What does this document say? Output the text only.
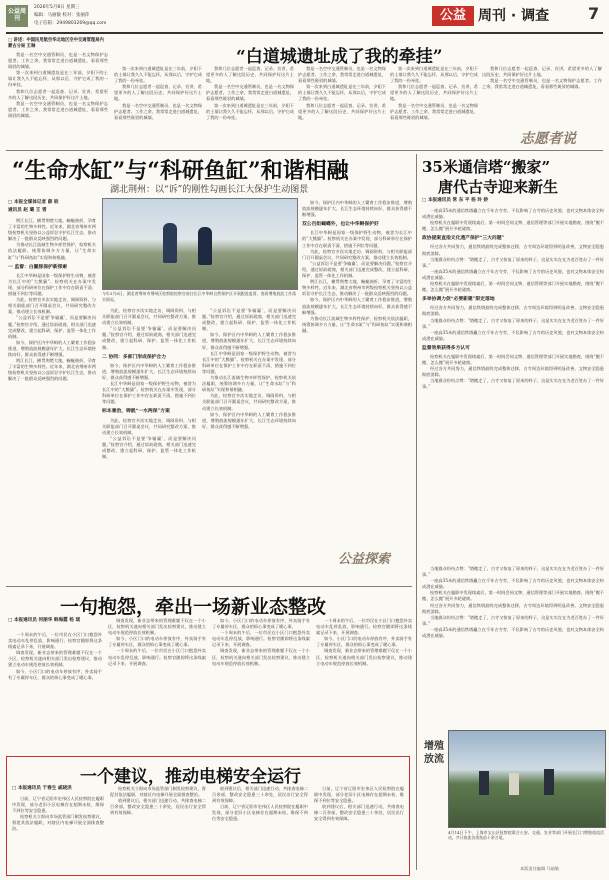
公益周刊
2026年5月8日 星期三
编辑：马丽敏 校对：张丽萍
电子信箱：2949803269@qq.com
公益 周刊 · 调查 7
□ 讲述：中国民用航空华北地区空中交通管理局内蒙古分局 王琳
“白道城遗址成了我的牵挂”

我是一名空中交通管制员，也是一名文物保护志愿者。工作之余，我常常走进白道城遗址，看看那些斑驳的城墙。

第一次来到白道城遗址是在三年前，夕阳下的土墙让我久久不能忘怀，从那以后，守护它成了我的一份牵挂。

我和几位志愿者一起巡查、记录、宣讲，希望更多的人了解这段历史，共同保护好这片土地。

我是一名空中交通管制员，也是一名文物保护志愿者。工作之余，我常常走进白道城遗址，看看那些斑驳的城墙。

第一次来到白道城遗址是在三年前，夕阳下的土墙让我久久不能忘怀，从那以后，守护它成了我的一份牵挂。

我和几位志愿者一起巡查、记录、宣讲，希望更多的人了解这段历史，共同保护好这片土地。

我是一名空中交通管制员，也是一名文物保护志愿者。工作之余，我常常走进白道城遗址，看看那些斑驳的城墙。

我和几位志愿者一起巡查、记录、宣讲，希望更多的人了解这段历史，共同保护好这片土地。

我是一名空中交通管制员，也是一名文物保护志愿者。工作之余，我常常走进白道城遗址，看看那些斑驳的城墙。

第一次来到白道城遗址是在三年前，夕阳下的土墙让我久久不能忘怀，从那以后，守护它成了我的一份牵挂。

我是一名空中交通管制员，也是一名文物保护志愿者。工作之余，我常常走进白道城遗址，看看那些斑驳的城墙。

第一次来到白道城遗址是在三年前，夕阳下的土墙让我久久不能忘怀，从那以后，守护它成了我的一份牵挂。

我和几位志愿者一起巡查、记录、宣讲，希望更多的人了解这段历史，共同保护好这片土地。

第一次来到白道城遗址是在三年前，夕阳下的土墙让我久久不能忘怀，从那以后，守护它成了我的一份牵挂。

我和几位志愿者一起巡查、记录、宣讲，希望更多的人了解这段历史，共同保护好这片土地。

我是一名空中交通管制员，也是一名文物保护志愿者。工作之余，我常常走进白道城遗址，看看那些斑驳的城墙。

我和几位志愿者一起巡查、记录、宣讲，希望更多的人了解这段历史，共同保护好这片土地。

我是一名空中交通管制员，也是一名文物保护志愿者。工作之余，我常常走进白道城遗址，看看那些斑驳的城墙。

志愿者说
“生命水缸”与“科研鱼缸”和谐相融
湖北荆州：以“诉”的刚性勾画长江大保护生动图景
□ 本报全媒体记者 薛 皎
通讯员 赵 璐 王 雪

荆江长江，横贯荆楚大地，蜿蜒曲折，孕育了丰富的生物多样性。近年来，湖北省荆州市两级检察机关坚持以公益诉讼守护长江生态，推动解决了一批群众反映强烈的问题。

为推动长江流域生物多样性保护，检察机关依法履职，统筹协调多方力量，让“生命水缸”与“科研鱼缸”实现和谐相融。

一 监督：白鱀豚保护新探索

长江中华鲟是国家一级保护野生动物，被誉为长江中的“大熊猫”。检察机关在办案中发现，部分科研单位在保护工作中存在职责不清、措施不到位等问题。

为此，检察官多次实地走访，调阅资料，与相关职能部门召开圆桌会议，共同研究整改方案，推动建立长效机制。

“公益诉讼不是要‘争输赢’，而是要解决问题。”检察官介绍，通过诉前磋商，相关部门迅速完成整改，建立起科研、保护、监管一体化工作机制。

如今，保护区内中华鲟的人工繁育工作稳步推进，增殖放流规模逐年扩大，长江生态环境持续向好，群众获得感不断增强。

荆江长江，横贯荆楚大地，蜿蜒曲折，孕育了丰富的生物多样性。近年来，湖北省荆州市两级检察机关坚持以公益诉讼守护长江生态，推动解决了一批群众反映强烈的问题。

今年3月6日，湖北省荆州市荆州区检察院检察官前往长江中华鲟自然保护区开展跟进监督，查看增殖放流工作落实情况。

为此，检察官多次实地走访，调阅资料，与相关职能部门召开圆桌会议，共同研究整改方案，推动建立长效机制。

“公益诉讼不是要‘争输赢’，而是要解决问题。”检察官介绍，通过诉前磋商，相关部门迅速完成整改，建立起科研、保护、监管一体化工作机制。

二 协同：多部门形成保护合力

如今，保护区内中华鲟的人工繁育工作稳步推进，增殖放流规模逐年扩大，长江生态环境持续向好，群众获得感不断增强。

长江中华鲟是国家一级保护野生动物，被誉为长江中的“大熊猫”。检察机关在办案中发现，部分科研单位在保护工作中存在职责不清、措施不到位等问题。

标本兼治，铸就“一水两保”方案

为此，检察官多次实地走访，调阅资料，与相关职能部门召开圆桌会议，共同研究整改方案，推动建立长效机制。

“公益诉讼不是要‘争输赢’，而是要解决问题。”检察官介绍，通过诉前磋商，相关部门迅速完成整改，建立起科研、保护、监管一体化工作机制。

“公益诉讼不是要‘争输赢’，而是要解决问题。”检察官介绍，通过诉前磋商，相关部门迅速完成整改，建立起科研、保护、监管一体化工作机制。

如今，保护区内中华鲟的人工繁育工作稳步推进，增殖放流规模逐年扩大，长江生态环境持续向好，群众获得感不断增强。

长江中华鲟是国家一级保护野生动物，被誉为长江中的“大熊猫”。检察机关在办案中发现，部分科研单位在保护工作中存在职责不清、措施不到位等问题。

为推动长江流域生物多样性保护，检察机关依法履职，统筹协调多方力量，让“生命水缸”与“科研鱼缸”实现和谐相融。

为此，检察官多次实地走访，调阅资料，与相关职能部门召开圆桌会议，共同研究整改方案，推动建立长效机制。

如今，保护区内中华鲟的人工繁育工作稳步推进，增殖放流规模逐年扩大，长江生态环境持续向好，群众获得感不断增强。

如今，保护区内中华鲟的人工繁育工作稳步推进，增殖放流规模逐年扩大，长江生态环境持续向好，群众获得感不断增强。

双公百炬蝴蝶外，也让中华鲟保护好

长江中华鲟是国家一级保护野生动物，被誉为长江中的“大熊猫”。检察机关在办案中发现，部分科研单位在保护工作中存在职责不清、措施不到位等问题。

为此，检察官多次实地走访，调阅资料，与相关职能部门召开圆桌会议，共同研究整改方案，推动建立长效机制。

“公益诉讼不是要‘争输赢’，而是要解决问题。”检察官介绍，通过诉前磋商，相关部门迅速完成整改，建立起科研、保护、监管一体化工作机制。

荆江长江，横贯荆楚大地，蜿蜒曲折，孕育了丰富的生物多样性。近年来，湖北省荆州市两级检察机关坚持以公益诉讼守护长江生态，推动解决了一批群众反映强烈的问题。

如今，保护区内中华鲟的人工繁育工作稳步推进，增殖放流规模逐年扩大，长江生态环境持续向好，群众获得感不断增强。

为推动长江流域生物多样性保护，检察机关依法履职，统筹协调多方力量，让“生命水缸”与“科研鱼缸”实现和谐相融。

公益探索
35米通信塔“搬家”
唐代古寺迎来新生
□ 本报通讯员 常 东 平 杨 玲 娇

一座高35米的通信铁塔矗立在千年古寺旁，不仅影响了古寺的历史风貌，也对文物本体安全构成潜在威胁。

检察机关在履职中发现线索后，第一时间会同文物、通信管理等部门开展实地勘查，围绕“搬不搬、怎么搬”展开多轮磋商。

政协提案直指文化遗产保护“三大问题”

经过各方共同努力，通信铁塔最终完成整体迁移，古寺周边环境得到明显改善，文物安全隐患彻底消除。

当地群众纷纷点赞：“塔搬走了，古寺又恢复了原来的样子，这是实实在在为老百姓办了一件好事。”

一座高35米的通信铁塔矗立在千年古寺旁，不仅影响了古寺的历史风貌，也对文物本体安全构成潜在威胁。

检察机关在履职中发现线索后，第一时间会同文物、通信管理等部门开展实地勘查，围绕“搬不搬、怎么搬”展开多轮磋商。

多举协调力促“必要新建”限定落地

经过各方共同努力，通信铁塔最终完成整体迁移，古寺周边环境得到明显改善，文物安全隐患彻底消除。

当地群众纷纷点赞：“塔搬走了，古寺又恢复了原来的样子，这是实实在在为老百姓办了一件好事。”

一座高35米的通信铁塔矗立在千年古寺旁，不仅影响了古寺的历史风貌，也对文物本体安全构成潜在威胁。

监督效果获得多方认可

检察机关在履职中发现线索后，第一时间会同文物、通信管理等部门开展实地勘查，围绕“搬不搬、怎么搬”展开多轮磋商。

经过各方共同努力，通信铁塔最终完成整体迁移，古寺周边环境得到明显改善，文物安全隐患彻底消除。

当地群众纷纷点赞：“塔搬走了，古寺又恢复了原来的样子，这是实实在在为老百姓办了一件好事。”

当地群众纷纷点赞：“塔搬走了，古寺又恢复了原来的样子，这是实实在在为老百姓办了一件好事。”

一座高35米的通信铁塔矗立在千年古寺旁，不仅影响了古寺的历史风貌，也对文物本体安全构成潜在威胁。

检察机关在履职中发现线索后，第一时间会同文物、通信管理等部门开展实地勘查，围绕“搬不搬、怎么搬”展开多轮磋商。

经过各方共同努力，通信铁塔最终完成整体迁移，古寺周边环境得到明显改善，文物安全隐患彻底消除。

当地群众纷纷点赞：“塔搬走了，古寺又恢复了原来的样子，这是实实在在为老百姓办了一件好事。”

一座高35米的通信铁塔矗立在千年古寺旁，不仅影响了古寺的历史风貌，也对文物本体安全构成潜在威胁。

增殖放流
4月14日下午，上海市宝山区检察院联合公安、交通、农业等部门开展长江口增殖放流活动，共计放流各类鱼苗十余万尾。
本版责任编辑 马丽敏
一句抱怨，牵出一场新业态整改
□ 本报通讯员 何丽华 韩海霞 杨 瑶

一个周末的午后，一位市民在小区门口抱怨外卖电动车乱停乱放，影响通行。检察官随即将这条线索记录下来，开展调查。

调查发现，新业态带来的管理难题不仅在一个小区，检察机关遂向相关部门发出检察建议，推动建立电动车规范停放长效机制。

如今，小区门口的电动车停放有序，外卖骑手有了专属停车区，群众的烦心事变成了暖心事。

调查发现，新业态带来的管理难题不仅在一个小区，检察机关遂向相关部门发出检察建议，推动建立电动车规范停放长效机制。

如今，小区门口的电动车停放有序，外卖骑手有了专属停车区，群众的烦心事变成了暖心事。

一个周末的午后，一位市民在小区门口抱怨外卖电动车乱停乱放，影响通行。检察官随即将这条线索记录下来，开展调查。

如今，小区门口的电动车停放有序，外卖骑手有了专属停车区，群众的烦心事变成了暖心事。

一个周末的午后，一位市民在小区门口抱怨外卖电动车乱停乱放，影响通行。检察官随即将这条线索记录下来，开展调查。

调查发现，新业态带来的管理难题不仅在一个小区，检察机关遂向相关部门发出检察建议，推动建立电动车规范停放长效机制。

一个周末的午后，一位市民在小区门口抱怨外卖电动车乱停乱放，影响通行。检察官随即将这条线索记录下来，开展调查。

如今，小区门口的电动车停放有序，外卖骑手有了专属停车区，群众的烦心事变成了暖心事。

调查发现，新业态带来的管理难题不仅在一个小区，检察机关遂向相关部门发出检察建议，推动建立电动车规范停放长效机制。

一个建议，推动电梯安全运行
□ 本报通讯员 于春生 戚晓洪

日前，辽宁省辽阳市宏伟区人民检察院在履职中发现，部分老旧小区电梯存在超期未检、维保不到位等安全隐患。

检察机关立即向市场监管部门制发检察建议，督促其依法履职，对辖区内电梯开展全面排查整治。

检察机关立即向市场监管部门制发检察建议，督促其依法履职，对辖区内电梯开展全面排查整治。

收到建议后，相关部门迅速行动，共排查电梯二百余部，整改安全隐患三十余处，居民出行安全得到有效保障。

收到建议后，相关部门迅速行动，共排查电梯二百余部，整改安全隐患三十余处，居民出行安全得到有效保障。

日前，辽宁省辽阳市宏伟区人民检察院在履职中发现，部分老旧小区电梯存在超期未检、维保不到位等安全隐患。

日前，辽宁省辽阳市宏伟区人民检察院在履职中发现，部分老旧小区电梯存在超期未检、维保不到位等安全隐患。

收到建议后，相关部门迅速行动，共排查电梯二百余部，整改安全隐患三十余处，居民出行安全得到有效保障。
